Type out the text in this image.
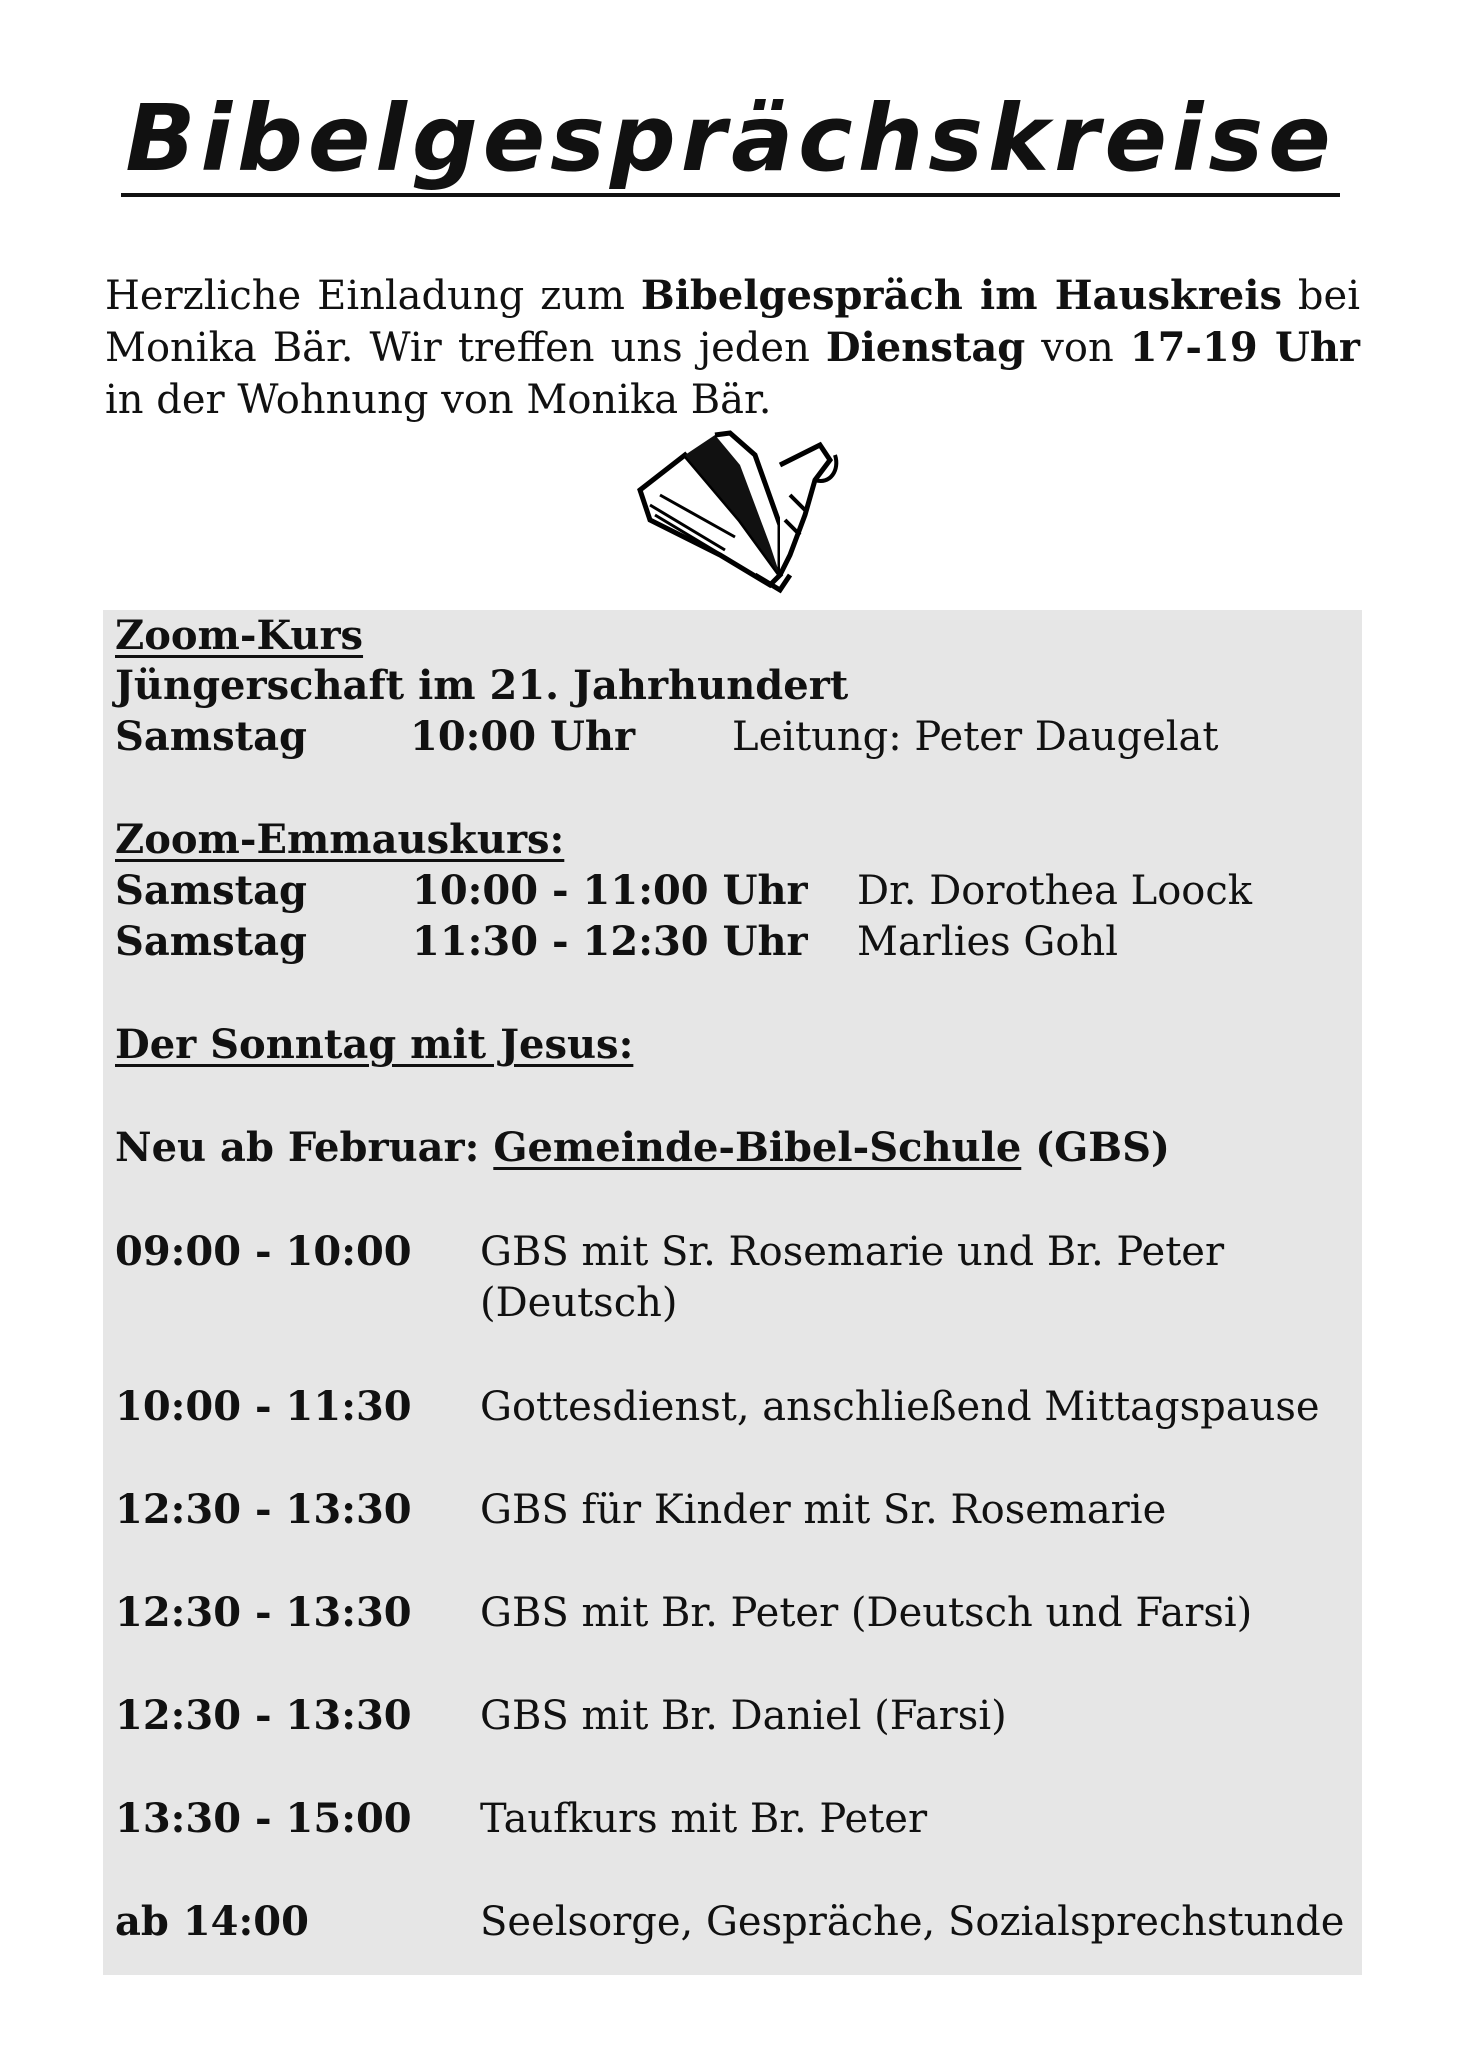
Bibelgesprächskreise
Herzliche Einladung zum Bibelgespräch im Hauskreis bei Monika Bär. Wir treffen uns jeden Dienstag von 17-19 Uhr in der Wohnung von Monika Bär.
Zoom-Kurs
Jüngerschaft im 21. Jahrhundert
Samstag	10:00 Uhr Leitung: Peter Daugelat
Zoom-Emmauskurs:
Samstag	10:00 - 11:00 Uhr Dr. Dorothea Loock
Samstag	11:30 - 12:30 Uhr Marlies Gohl
Der Sonntag mit Jesus:
Neu ab Februar: Gemeinde-Bibel-Schule (GBS)
09:00 - 10:00 GBS mit Sr. Rosemarie und Br. Peter
(Deutsch)
10:00 - 11:30 Gottesdienst, anschließend Mittagspause
12:30 - 13:30 GBS für Kinder mit Sr. Rosemarie
12:30 - 13:30 GBS mit Br. Peter (Deutsch und Farsi)
12:30 - 13:30 GBS mit Br. Daniel (Farsi)
13:30 - 15:00 Taufkurs mit Br. Peter
ab 14:00	Seelsorge, Gespräche, Sozialsprechstunde
